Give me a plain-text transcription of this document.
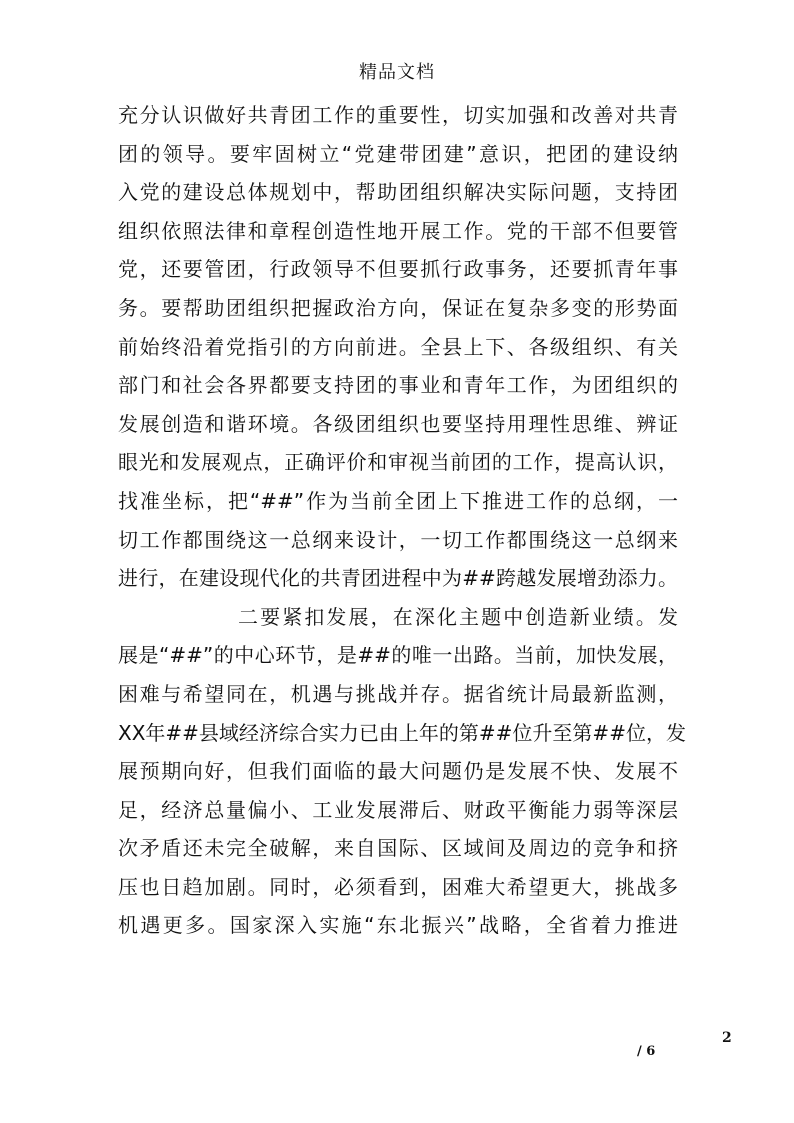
精品文档
充分认识做好共青团工作的重要性，切实加强和改善对共青
团的领导。要牢固树立“党建带团建”意识，把团的建设纳
入党的建设总体规划中，帮助团组织解决实际问题，支持团
组织依照法律和章程创造性地开展工作。党的干部不但要管
党，还要管团，行政领导不但要抓行政事务，还要抓青年事
务。要帮助团组织把握政治方向，保证在复杂多变的形势面
前始终沿着党指引的方向前进。全县上下、各级组织、有关
部门和社会各界都要支持团的事业和青年工作，为团组织的
发展创造和谐环境。各级团组织也要坚持用理性思维、辨证
眼光和发展观点，正确评价和审视当前团的工作，提高认识，
找准坐标，把“##”作为当前全团上下推进工作的总纲，一
切工作都围绕这一总纲来设计，一切工作都围绕这一总纲来
进行，在建设现代化的共青团进程中为##跨越发展增劲添力。
二要紧扣发展，在深化主题中创造新业绩。发
展是“##”的中心环节，是##的唯一出路。当前，加快发展，
困难与希望同在，机遇与挑战并存。据省统计局最新监测，
XX年##县域经济综合实力已由上年的第##位升至第##位，发
展预期向好，但我们面临的最大问题仍是发展不快、发展不
足，经济总量偏小、工业发展滞后、财政平衡能力弱等深层
次矛盾还未完全破解，来自国际、区域间及周边的竞争和挤
压也日趋加剧。同时，必须看到，困难大希望更大，挑战多
机遇更多。国家深入实施“东北振兴”战略，全省着力推进
2
/ 6
